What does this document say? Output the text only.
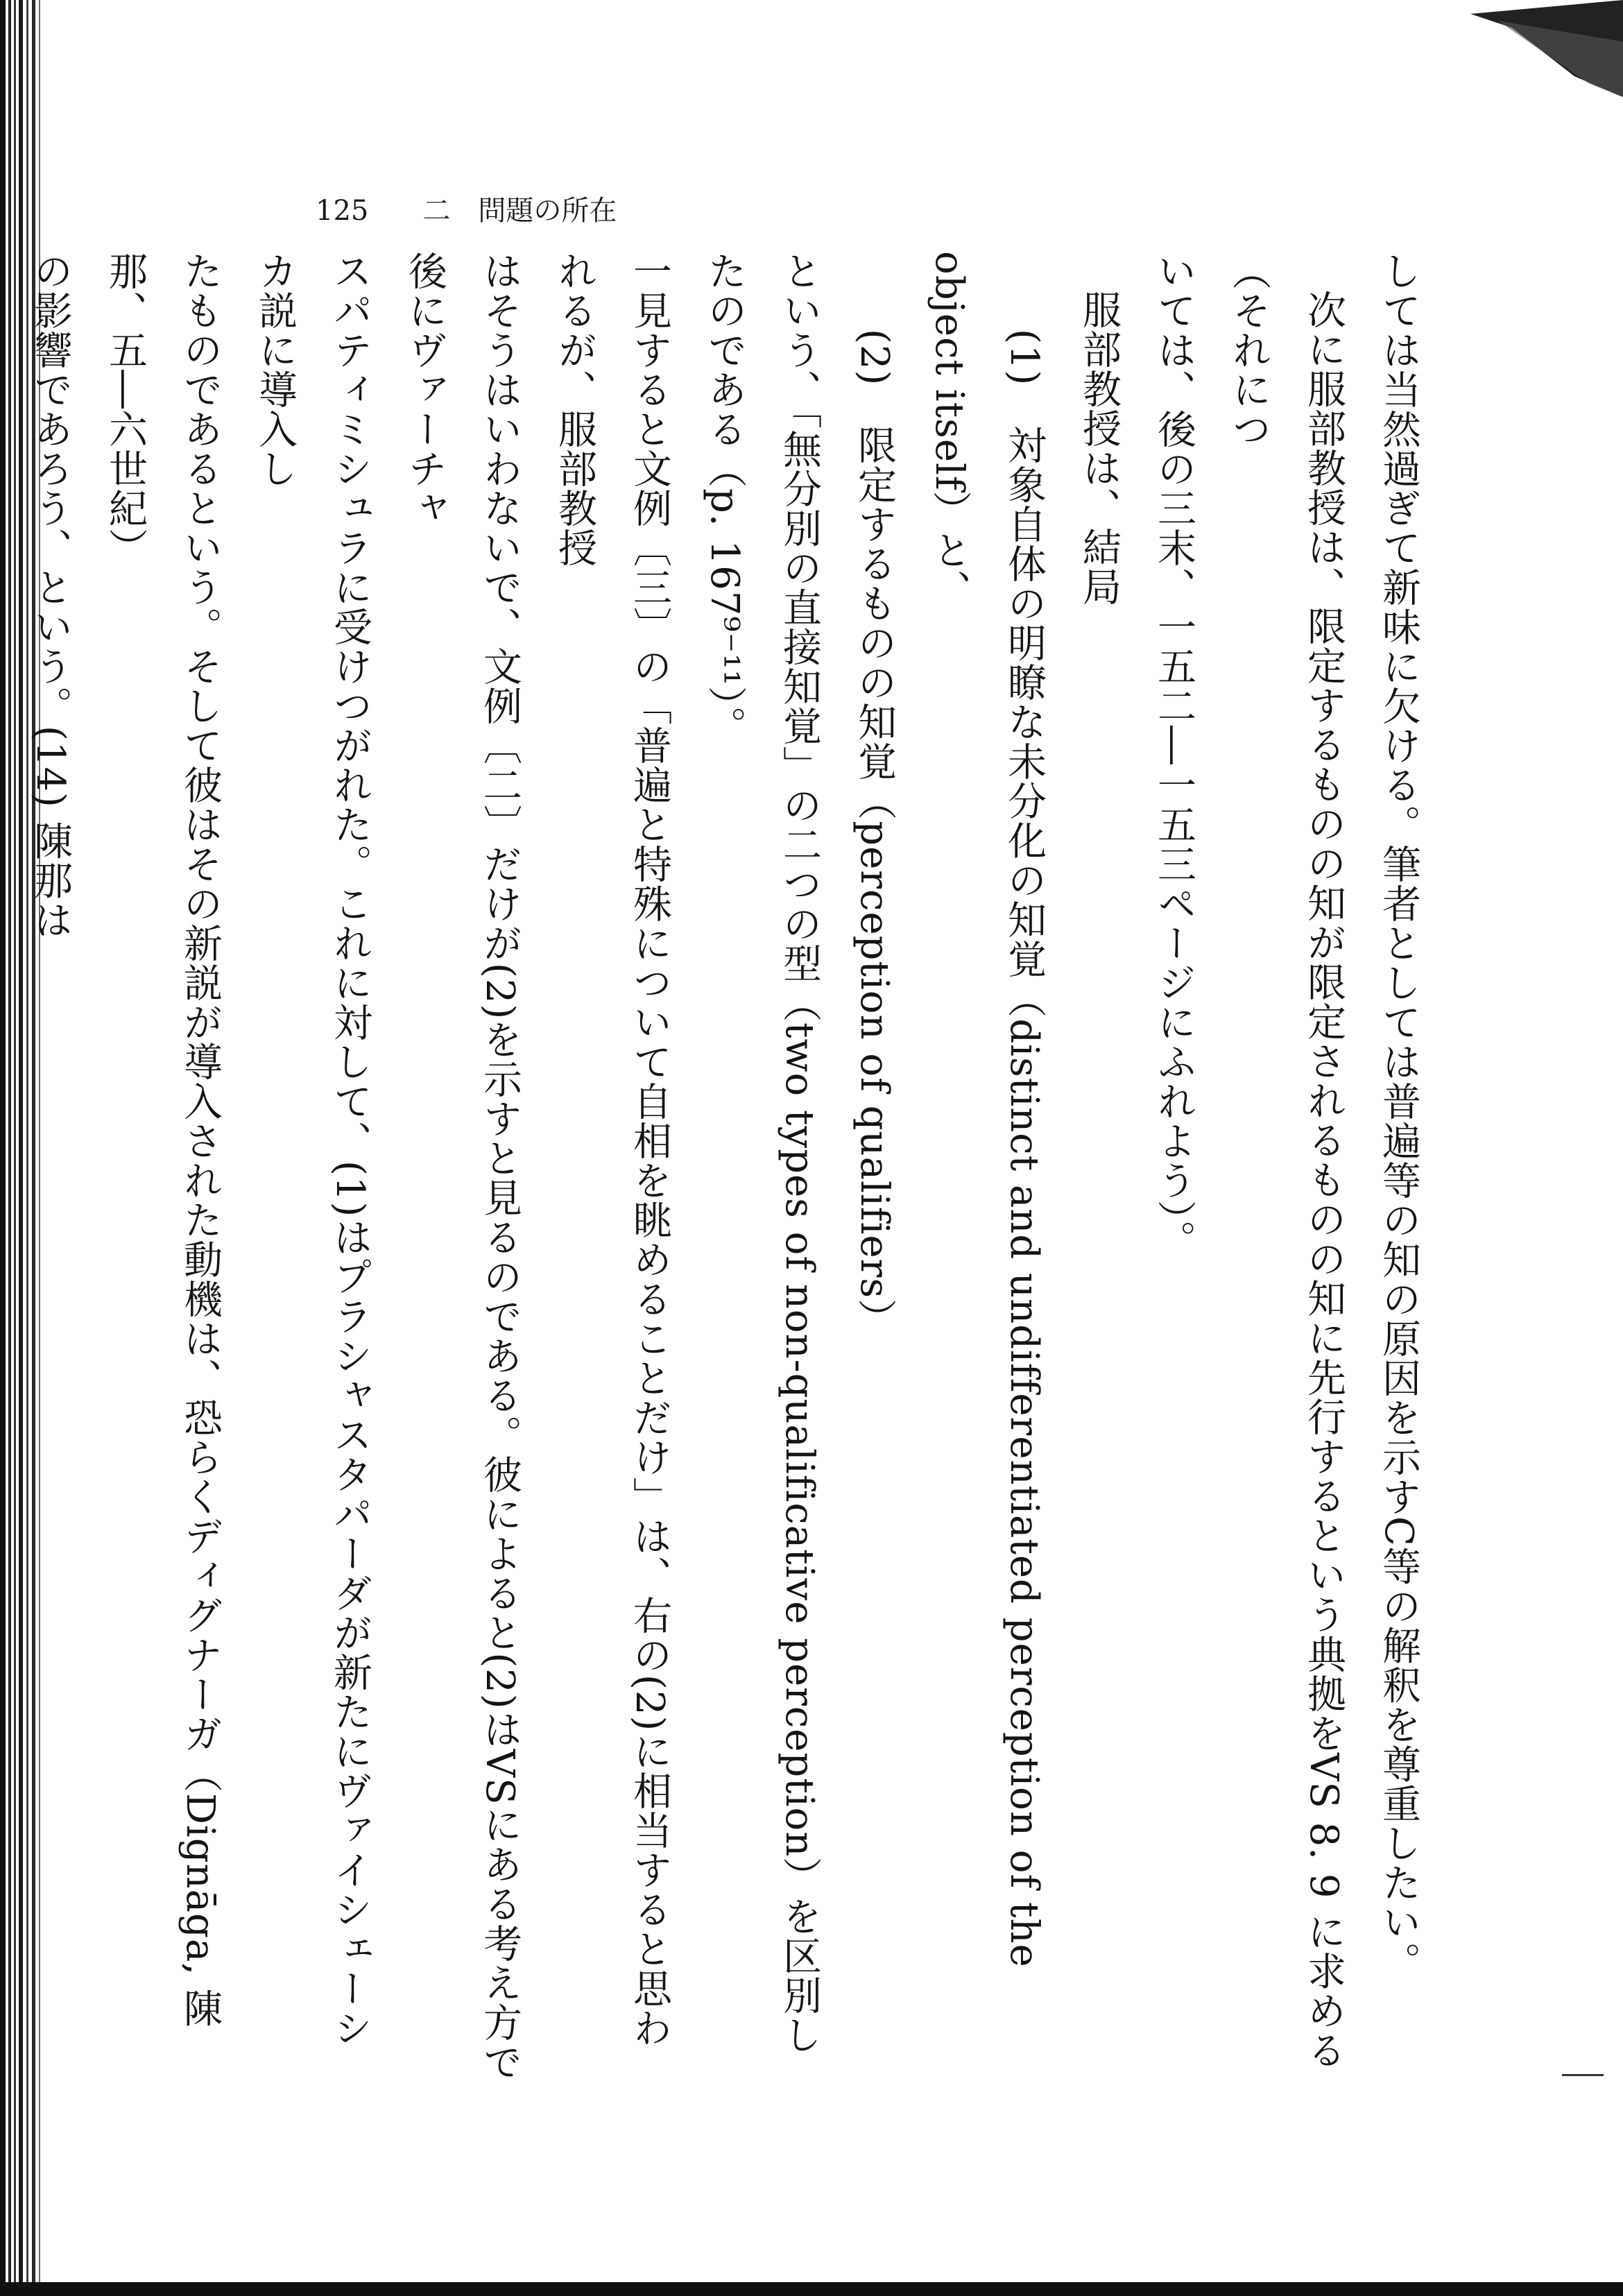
125 二　問題の所在

しては当然過ぎて新味に欠ける。筆者としては普遍等の知の原因を示すC等の解釈を尊重したい。

次に服部教授は、限定するものの知が限定されるものの知に先行するという典拠をVS 8. 9 に求める（それにつ

いては、後の三末、一五二―一五三ページにふれよう）。

服部教授は、結局

(1)　対象自体の明瞭な未分化の知覚（distinct and undifferentiated perception of the object itself）と、

(2)　限定するものの知覚（perception of qualifiers）

という、「無分別の直接知覚」の二つの型（two types of non-qualificative perception）を区別したのである（p. 167⁹⁻¹¹）。

一見すると文例〔三〕の「普遍と特殊について自相を眺めることだけ」は、右の(2)に相当すると思われるが、服部教授

はそうはいわないで、文例〔二〕だけが(2)を示すと見るのである。彼によると(2)はVSにある考え方で後にヴァーチャ

スパティミシュラに受けつがれた。これに対して、(1)はプラシャスタパーダが新たにヴァイシェーシカ説に導入し

たものであるという。そして彼はその新説が導入された動機は、恐らくディグナーガ（Dignāga, 陳那、五―六世紀）

の影響であろう、という。(14) 陳那は
